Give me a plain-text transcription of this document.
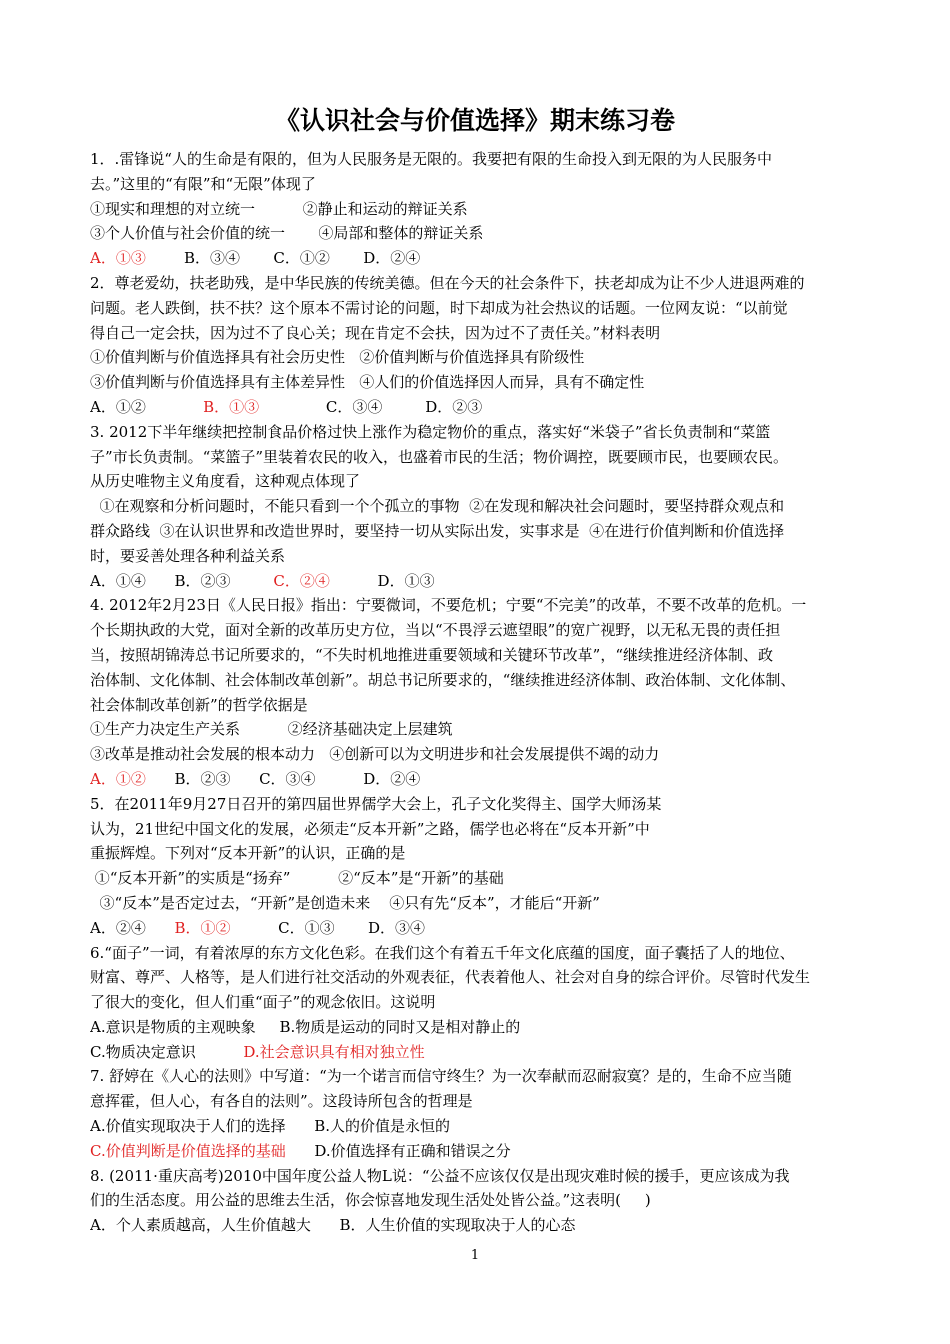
《认识社会与价值选择》期末练习卷
1．.雷锋说“人的生命是有限的，但为人民服务是无限的。我要把有限的生命投入到无限的为人民服务中
去。”这里的“有限”和“无限”体现了
①现实和理想的对立统一          ②静止和运动的辩证关系
③个人价值与社会价值的统一       ④局部和整体的辩证关系
A．①③        B．③④       C．①②       D．②④
2．尊老爱幼，扶老助残，是中华民族的传统美德。但在今天的社会条件下，扶老却成为让不少人进退两难的
问题。老人跌倒，扶不扶？这个原本不需讨论的问题，时下却成为社会热议的话题。一位网友说：“以前觉
得自己一定会扶，因为过不了良心关；现在肯定不会扶，因为过不了责任关。”材料表明
①价值判断与价值选择具有社会历史性   ②价值判断与价值选择具有阶级性
③价值判断与价值选择具有主体差异性   ④人们的价值选择因人而异，具有不确定性
A．①②            B．①③              C．③④         D．②③
3. 2012下半年继续把控制食品价格过快上涨作为稳定物价的重点，落实好“米袋子”省长负责制和“菜篮
子”市长负责制。“菜篮子”里装着农民的收入，也盛着市民的生活；物价调控，既要顾市民，也要顾农民。
从历史唯物主义角度看，这种观点体现了
①在观察和分析问题时，不能只看到一个个孤立的事物  ②在发现和解决社会问题时，要坚持群众观点和
群众路线  ③在认识世界和改造世界时，要坚持一切从实际出发，实事求是  ④在进行价值判断和价值选择
时，要妥善处理各种利益关系
A．①④      B．②③         C．②④          D．①③
4. 2012年2月23日《人民日报》指出：宁要微词，不要危机；宁要“不完美”的改革，不要不改革的危机。一
个长期执政的大党，面对全新的改革历史方位，当以“不畏浮云遮望眼”的宽广视野，以无私无畏的责任担
当，按照胡锦涛总书记所要求的，“不失时机地推进重要领域和关键环节改革”，“继续推进经济体制、政
治体制、文化体制、社会体制改革创新”。胡总书记所要求的，“继续推进经济体制、政治体制、文化体制、
社会体制改革创新”的哲学依据是
①生产力决定生产关系          ②经济基础决定上层建筑
③改革是推动社会发展的根本动力   ④创新可以为文明进步和社会发展提供不竭的动力
A．①②      B．②③      C．③④          D．②④
5．在2011年9月27日召开的第四届世界儒学大会上，孔子文化奖得主、国学大师汤某
认为，21世纪中国文化的发展，必须走“反本开新”之路，儒学也必将在“反本开新”中
重振辉煌。下列对“反本开新”的认识，正确的是
①“反本开新”的实质是“扬弃”          ②“反本”是“开新”的基础
③“反本”是否定过去，“开新”是创造未来    ④只有先“反本”，才能后“开新”
A．②④      B．①②          C．①③       D．③④
6.“面子”一词，有着浓厚的东方文化色彩。在我们这个有着五千年文化底蕴的国度，面子囊括了人的地位、
财富、尊严、人格等，是人们进行社交活动的外观表征，代表着他人、社会对自身的综合评价。尽管时代发生
了很大的变化，但人们重“面子”的观念依旧。这说明
A.意识是物质的主观映象     B.物质是运动的同时又是相对静止的
C.物质决定意识          D.社会意识具有相对独立性
7. 舒婷在《人心的法则》中写道：“为一个诺言而信守终生？为一次奉献而忍耐寂寞？是的，生命不应当随
意挥霍，但人心，有各自的法则”。这段诗所包含的哲理是
A.价值实现取决于人们的选择      B.人的价值是永恒的
C.价值判断是价值选择的基础      D.价值选择有正确和错误之分
8. (2011·重庆高考)2010中国年度公益人物L说：“公益不应该仅仅是出现灾难时候的援手，更应该成为我
们的生活态度。用公益的思维去生活，你会惊喜地发现生活处处皆公益。”这表明(     )
A．个人素质越高，人生价值越大      B．人生价值的实现取决于人的心态
1
